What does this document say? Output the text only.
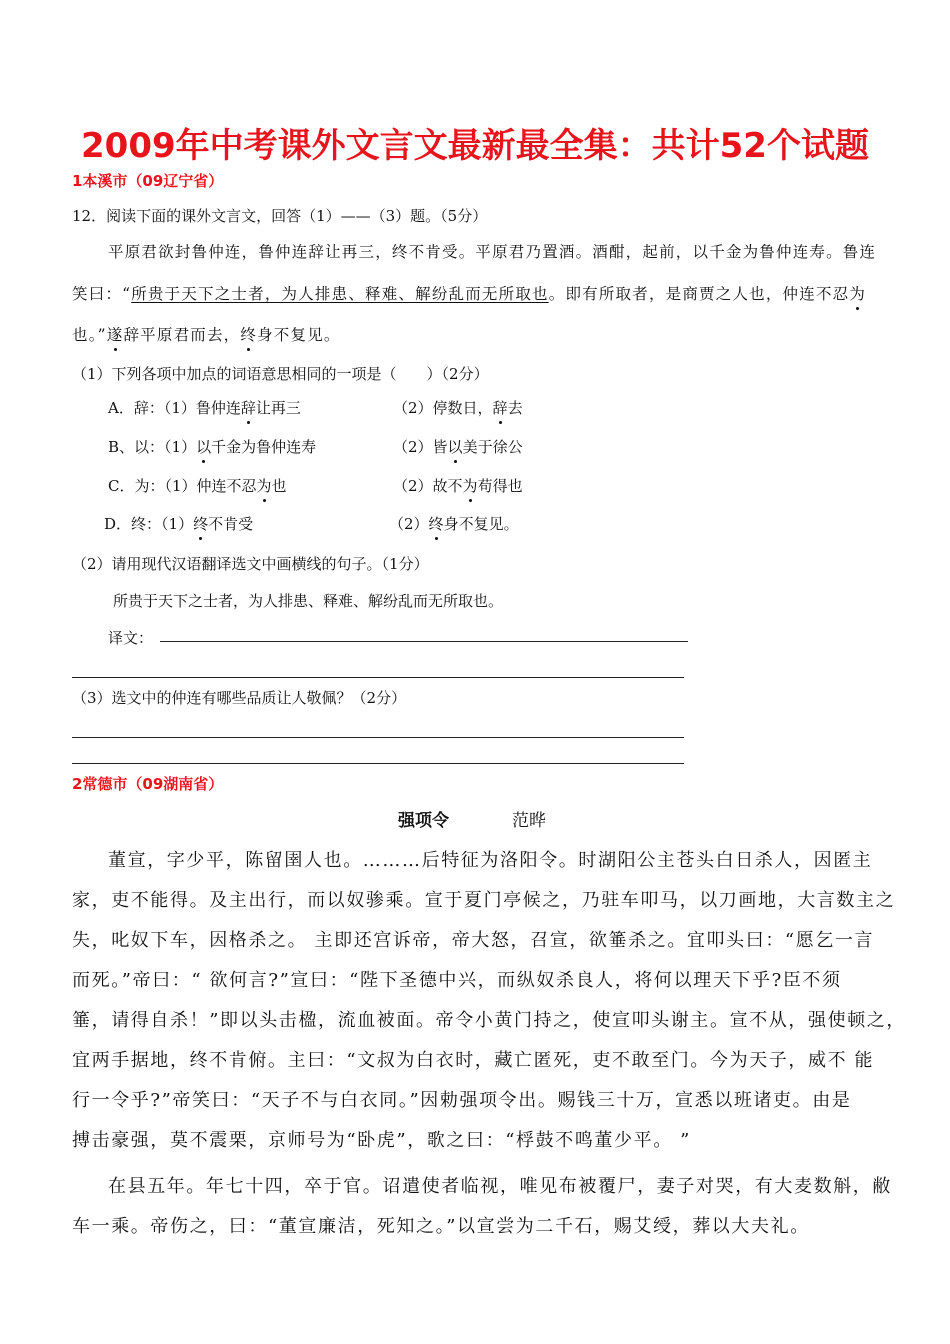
2009年中考课外文言文最新最全集：共计52个试题
1本溪市（09辽宁省）
12．阅读下面的课外文言文，回答（1）——（3）题。（5分）
平原君欲封鲁仲连，鲁仲连辞让再三，终不肯受。平原君乃置酒。酒酣，起前，以千金为鲁仲连寿。鲁连
笑曰：“所贵于天下之士者，为人排患、释难、解纷乱而无所取也。即有所取者，是商贾之人也，仲连不忍为
也。”遂辞平原君而去，终身不复见。
（1）下列各项中加点的词语意思相同的一项是（　　）（2分）
A．辞：（1）鲁仲连辞让再三	（2）停数日，辞去
B、以：（1）以千金为鲁仲连寿	（2）皆以美于徐公
C．为：（1）仲连不忍为也	（2）故不为苟得也
D．终：（1）终不肯受	（2）终身不复见。
（2）请用现代汉语翻译选文中画横线的句子。（1分）
所贵于天下之士者，为人排患、释难、解纷乱而无所取也。
译文：
（3）选文中的仲连有哪些品质让人敬佩？（2分）
2常德市（09湖南省）
强项令	范晔
董宣，字少平，陈留圉人也。………后特征为洛阳令。时湖阳公主苍头白日杀人，因匿主
家，吏不能得。及主出行，而以奴骖乘。宣于夏门亭候之，乃驻车叩马，以刀画地，大言数主之
失，叱奴下车，因格杀之。 主即还宫诉帝，帝大怒，召宣，欲箠杀之。宜叩头曰：“愿乞一言
而死。”帝曰：“ 欲何言?”宣曰：“陛下圣德中兴，而纵奴杀良人，将何以理天下乎?臣不须
箠，请得自杀！”即以头击楹，流血被面。帝令小黄门持之，使宣叩头谢主。宣不从，强使顿之，
宜两手据地，终不肯俯。主曰：“文叔为白衣时，藏亡匿死，吏不敢至门。今为天子，威不 能
行一令乎?”帝笑曰：“天子不与白衣同。”因勅强项令出。赐钱三十万，宣悉以班诸吏。由是
搏击豪强，莫不震栗，京师号为“卧虎”，歌之曰：“桴鼓不鸣董少平。 ”
在县五年。年七十四，卒于官。诏遣使者临视，唯见布被覆尸，妻子对哭，有大麦数斛，敝
车一乘。帝伤之，曰：“董宣廉洁，死知之。”以宣尝为二千石，赐艾绶，葬以大夫礼。
